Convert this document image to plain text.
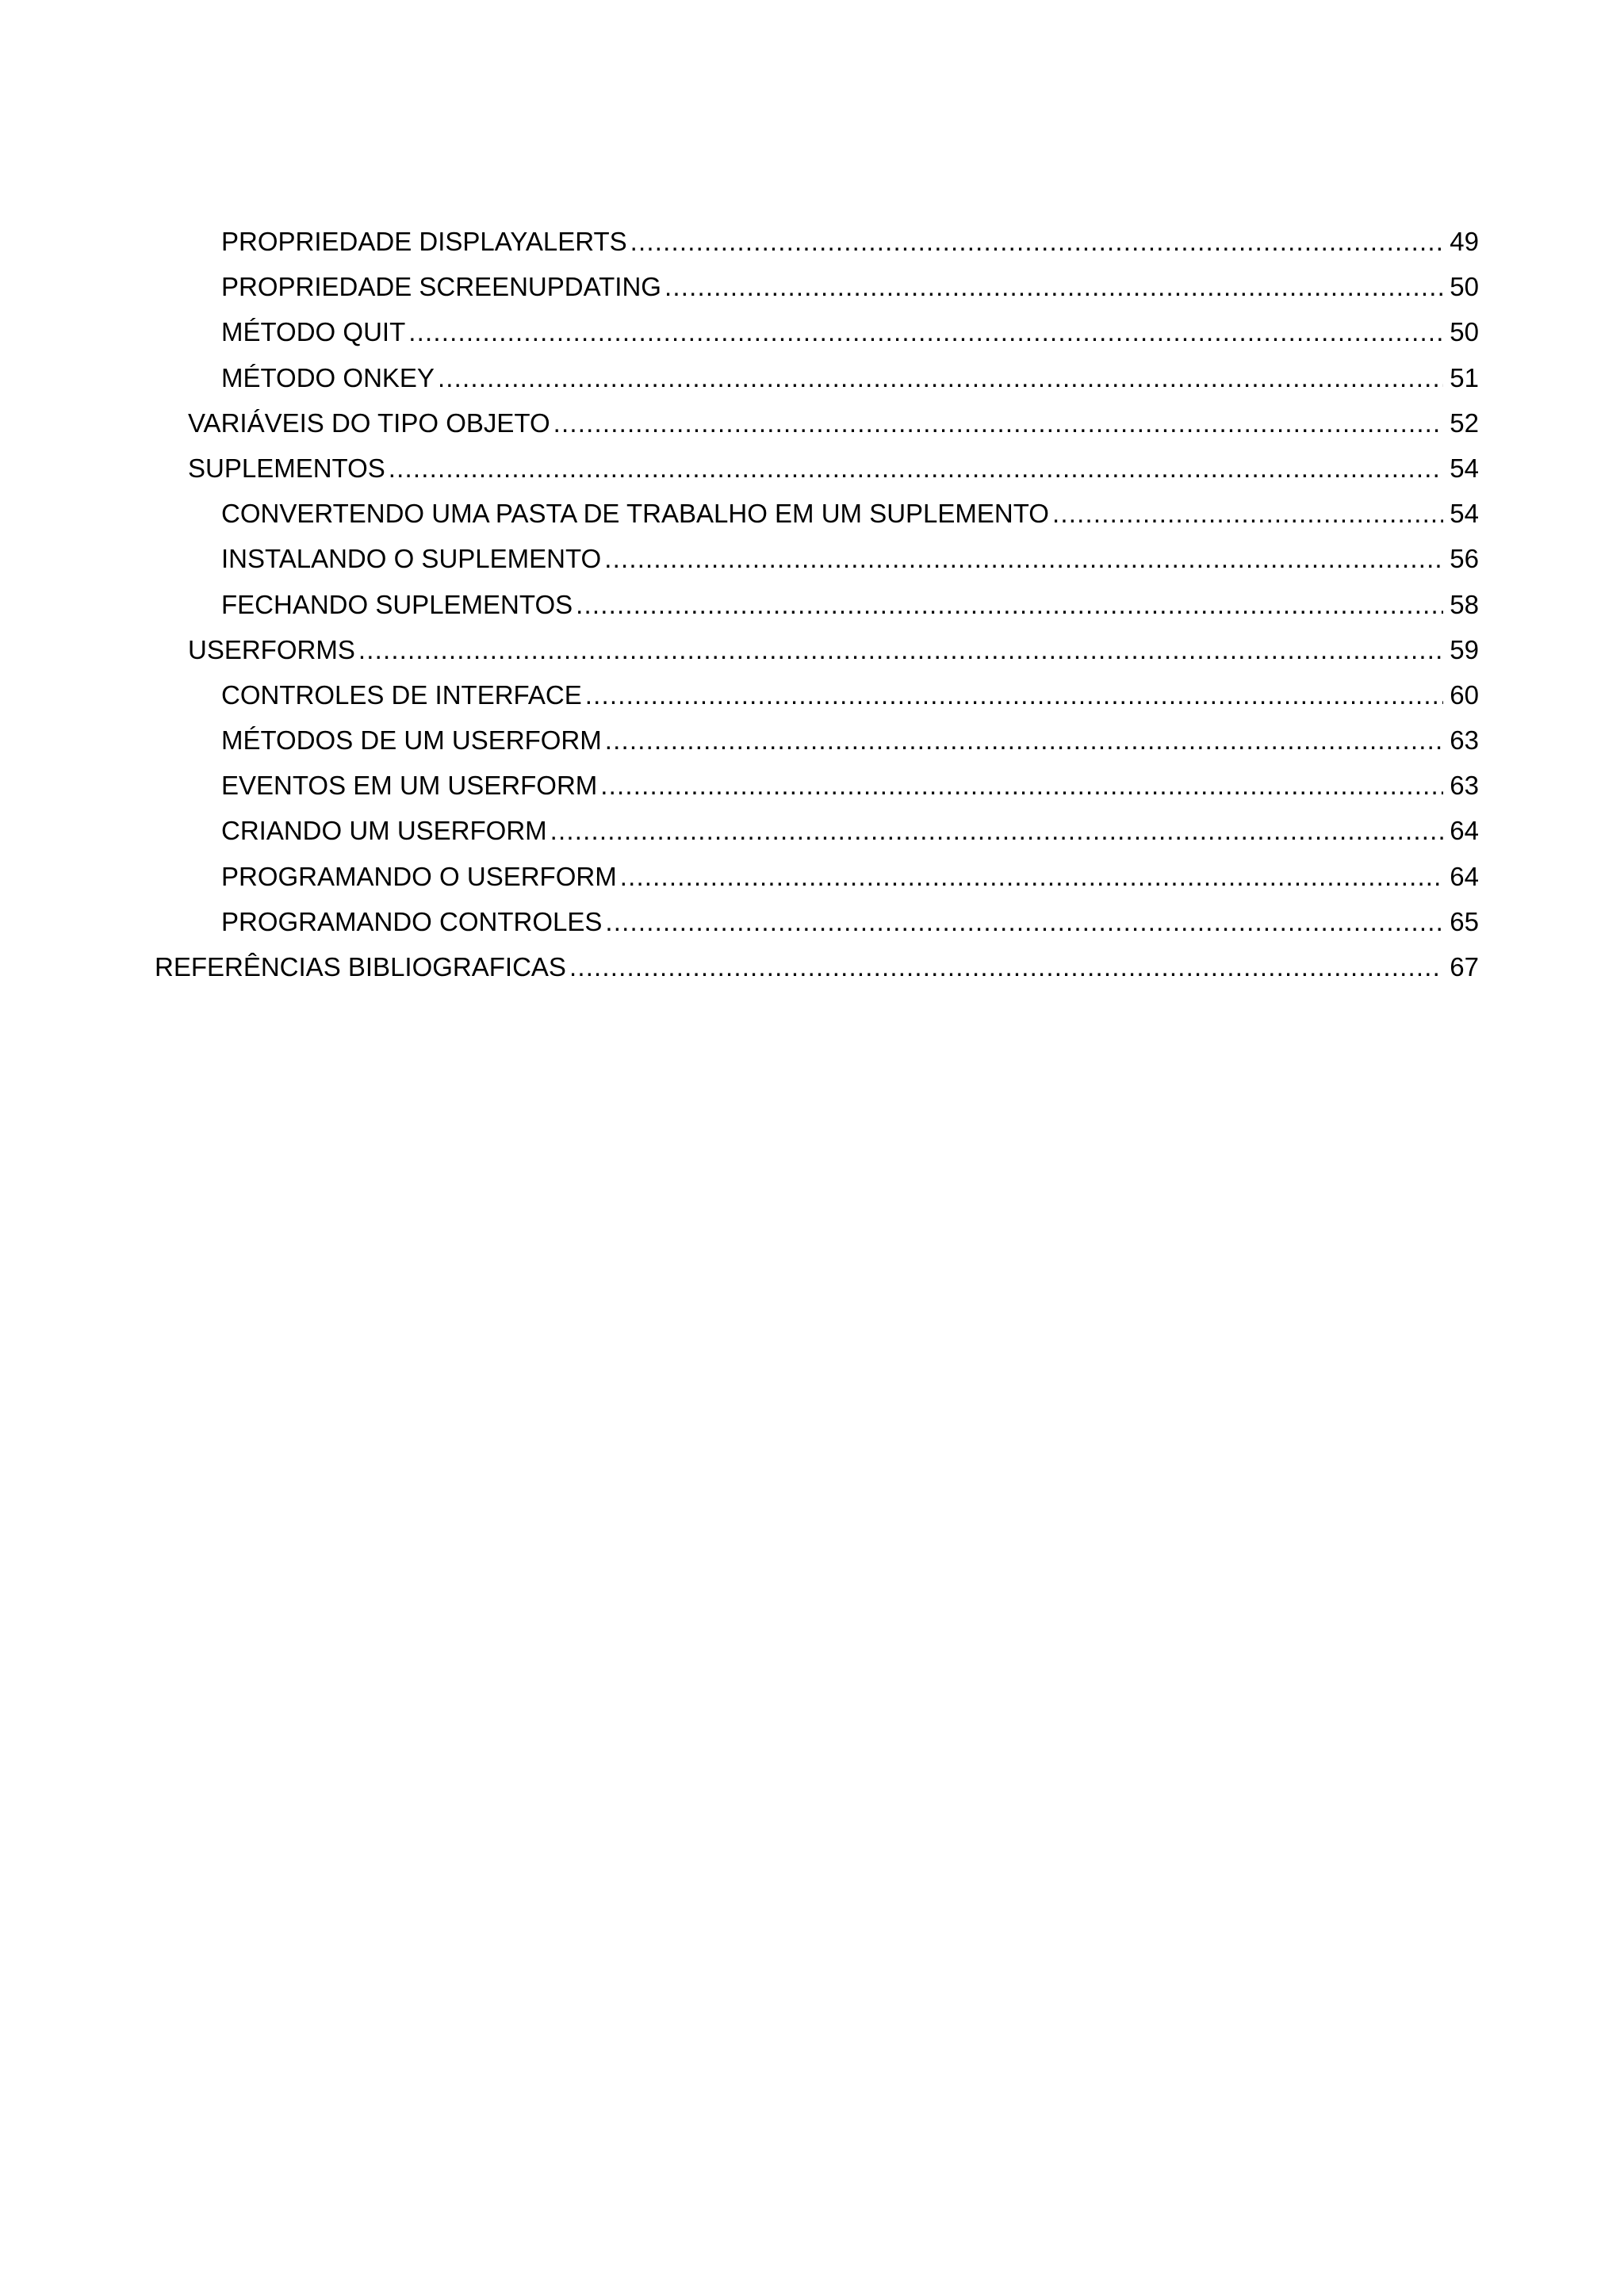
PROPRIEDADE DISPLAYALERTS .....	49
PROPRIEDADE SCREENUPDATING .....	50
MÉTODO QUIT .....	50
MÉTODO ONKEY .....	51
VARIÁVEIS DO TIPO OBJETO .....	52
SUPLEMENTOS .....	54
CONVERTENDO UMA PASTA DE TRABALHO EM UM SUPLEMENTO .....	54
INSTALANDO O SUPLEMENTO .....	56
FECHANDO SUPLEMENTOS .....	58
USERFORMS .....	59
CONTROLES DE INTERFACE .....	60
MÉTODOS DE UM USERFORM .....	63
EVENTOS EM UM USERFORM .....	63
CRIANDO UM USERFORM .....	64
PROGRAMANDO O USERFORM .....	64
PROGRAMANDO CONTROLES .....	65
REFERÊNCIAS BIBLIOGRAFICAS .....	67
